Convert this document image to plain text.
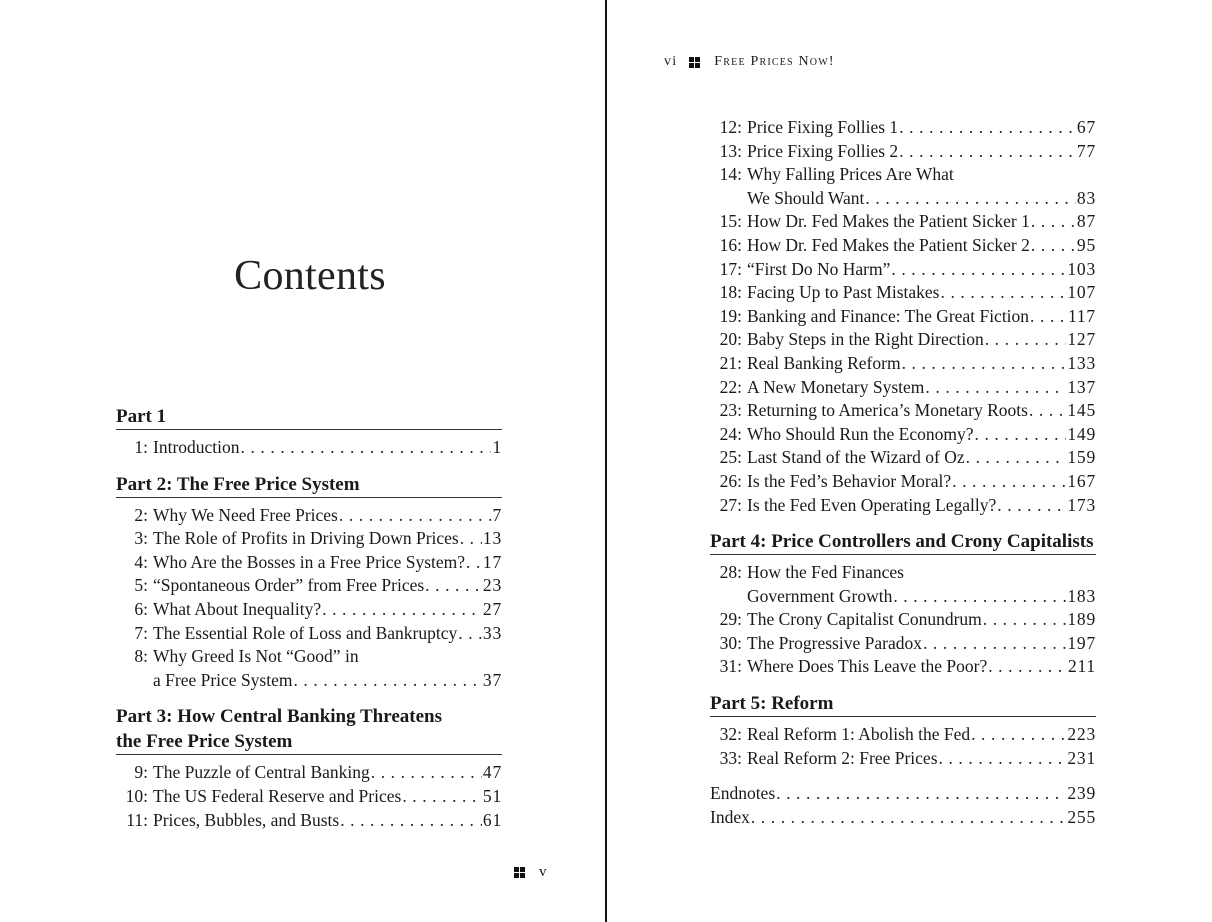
Contents
Part 1
1: Introduction . . .	1
Part 2: The Free Price System
2: Why We Need Free Prices . . .	7
3: The Role of Profits in Driving Down Prices . . . 13
4: Who Are the Bosses in a Free Price System? . . . 17
5: “Spontaneous Order” from Free Prices . . .	23
6: What About Inequality? . . .	27
7: The Essential Role of Loss and Bankruptcy . . . 33
8: Why Greed Is Not “Good” in
a Free Price System . . .	37
Part 3: How Central Banking Threatens
the Free Price System
9: The Puzzle of Central Banking . . .	47
10: The US Federal Reserve and Prices . . .	51
11: Prices, Bubbles, and Busts . . .	61
v
vi	Free Prices Now!
12: Price Fixing Follies 1 . . .	67
13: Price Fixing Follies 2 . . .	77
14: Why Falling Prices Are What
We Should Want . . .	83
15: How Dr. Fed Makes the Patient Sicker 1 . . .	87
16: How Dr. Fed Makes the Patient Sicker 2 . . .	95
17: “First Do No Harm” . . .	103
18: Facing Up to Past Mistakes . . .	107
19: Banking and Finance: The Great Fiction . . . 117
20: Baby Steps in the Right Direction . . .	127
21: Real Banking Reform . . .	133
22: A New Monetary System . . .	137
23: Returning to America’s Monetary Roots . . . 145
24: Who Should Run the Economy? . . .	149
25: Last Stand of the Wizard of Oz . . .	159
26: Is the Fed’s Behavior Moral? . . .	167
27: Is the Fed Even Operating Legally? . . .	173
Part 4: Price Controllers and Crony Capitalists
28: How the Fed Finances
Government Growth . . .	183
29: The Crony Capitalist Conundrum . . .	189
30: The Progressive Paradox . . .	197
31: Where Does This Leave the Poor? . . .	211
Part 5: Reform
32: Real Reform 1: Abolish the Fed . . .	223
33: Real Reform 2: Free Prices . . .	231
Endnotes . . .	239
Index . . .	255
